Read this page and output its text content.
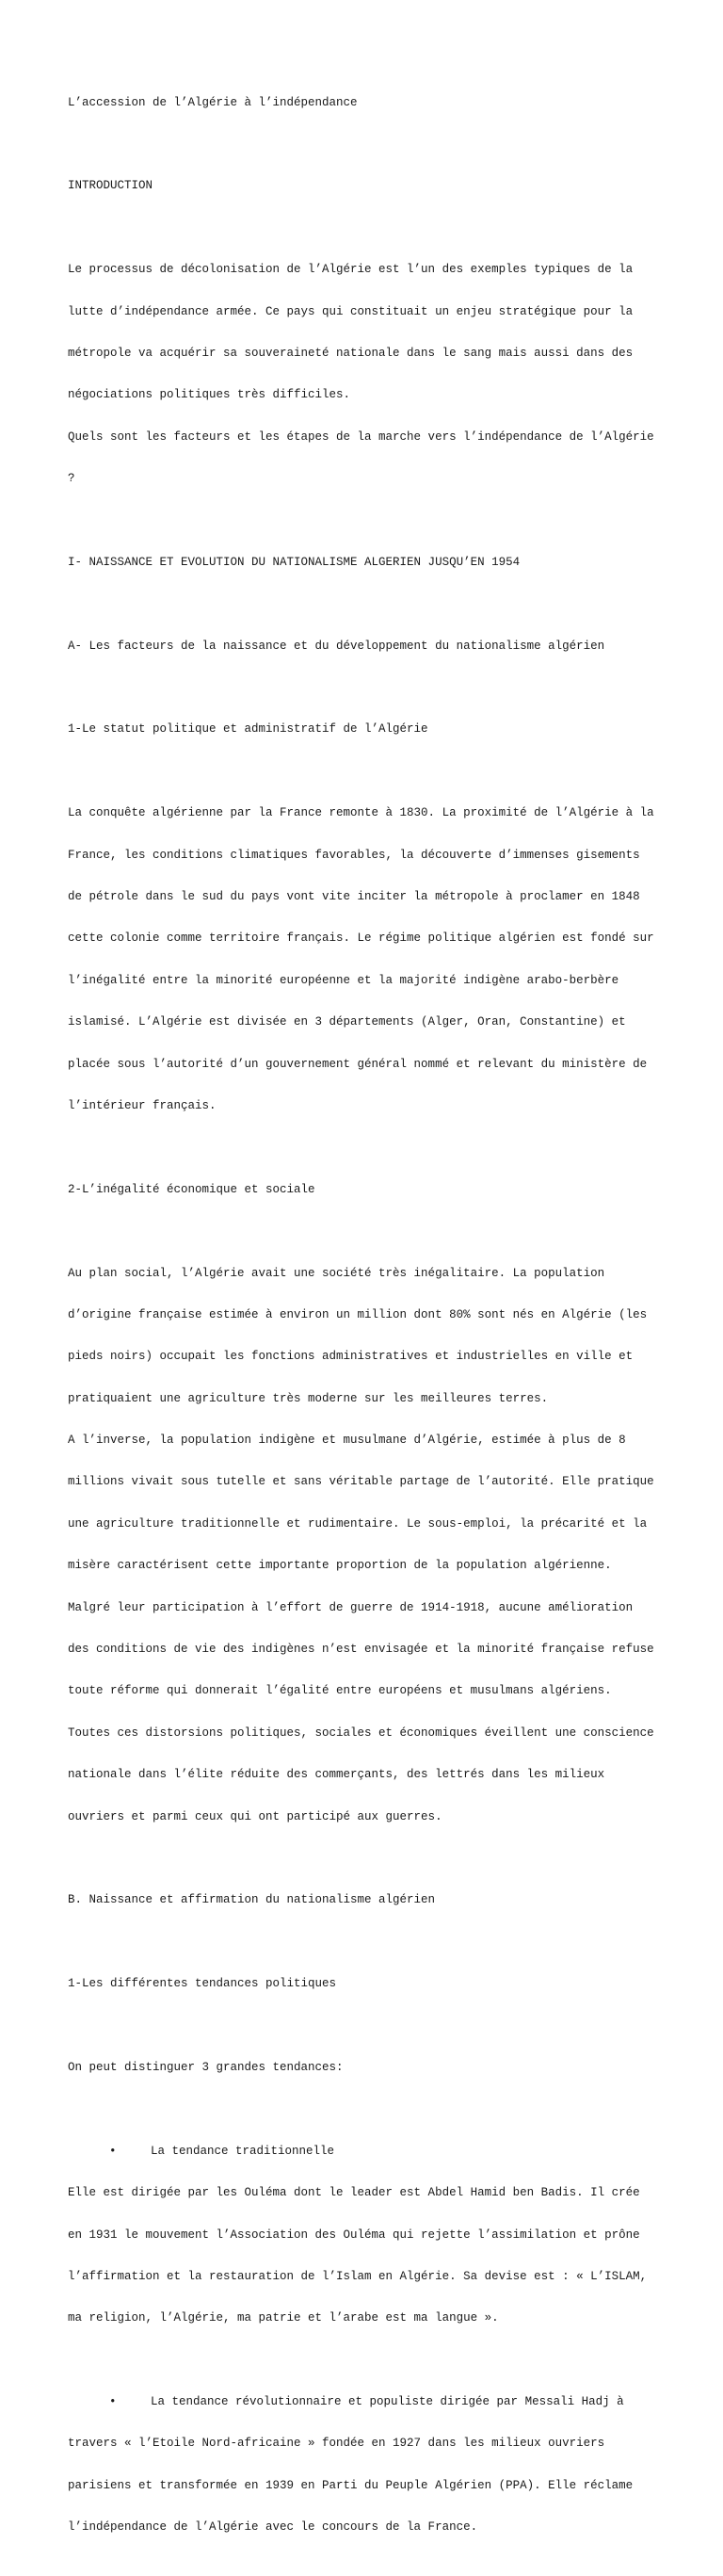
L’accession de l’Algérie à l’indépendance

INTRODUCTION

Le processus de décolonisation de l’Algérie est l’un des exemples typiques de la

lutte d’indépendance armée. Ce pays qui constituait un enjeu stratégique pour la

métropole va acquérir sa souveraineté nationale dans le sang mais aussi dans des

négociations politiques très difficiles.

Quels sont les facteurs et les étapes de la marche vers l’indépendance de l’Algérie

?

I- NAISSANCE ET EVOLUTION DU NATIONALISME ALGERIEN JUSQU’EN 1954

A- Les facteurs de la naissance et du développement du nationalisme algérien

1-Le statut politique et administratif de l’Algérie

La conquête algérienne par la France remonte à 1830. La proximité de l’Algérie à la

France, les conditions climatiques favorables, la découverte d’immenses gisements

de pétrole dans le sud du pays vont vite inciter la métropole à proclamer en 1848

cette colonie comme territoire français. Le régime politique algérien est fondé sur

l’inégalité entre la minorité européenne et la majorité indigène arabo-berbère

islamisé. L’Algérie est divisée en 3 départements (Alger, Oran, Constantine) et

placée sous l’autorité d’un gouvernement général nommé et relevant du ministère de

l’intérieur français.

2-L’inégalité économique et sociale

Au plan social, l’Algérie avait une société très inégalitaire. La population

d’origine française estimée à environ un million dont 80% sont nés en Algérie (les

pieds noirs) occupait les fonctions administratives et industrielles en ville et

pratiquaient une agriculture très moderne sur les meilleures terres.

A l’inverse, la population indigène et musulmane d’Algérie, estimée à plus de 8

millions vivait sous tutelle et sans véritable partage de l’autorité. Elle pratique

une agriculture traditionnelle et rudimentaire. Le sous-emploi, la précarité et la

misère caractérisent cette importante proportion de la population algérienne.

Malgré leur participation à l’effort de guerre de 1914-1918, aucune amélioration

des conditions de vie des indigènes n’est envisagée et la minorité française refuse

toute réforme qui donnerait l’égalité entre européens et musulmans algériens.

Toutes ces distorsions politiques, sociales et économiques éveillent une conscience

nationale dans l’élite réduite des commerçants, des lettrés dans les milieux

ouvriers et parmi ceux qui ont participé aux guerres.

B. Naissance et affirmation du nationalisme algérien

1-Les différentes tendances politiques

On peut distinguer 3 grandes tendances:

•	La tendance traditionnelle

Elle est dirigée par les Ouléma dont le leader est Abdel Hamid ben Badis. Il crée

en 1931 le mouvement l’Association des Ouléma qui rejette l’assimilation et prône

l’affirmation et la restauration de l’Islam en Algérie. Sa devise est : « L’ISLAM,

ma religion, l’Algérie, ma patrie et l’arabe est ma langue ».

•	La tendance révolutionnaire et populiste dirigée par Messali Hadj à

travers « l’Etoile Nord-africaine » fondée en 1927 dans les milieux ouvriers

parisiens et transformée en 1939 en Parti du Peuple Algérien (PPA). Elle réclame

l’indépendance de l’Algérie avec le concours de la France.
